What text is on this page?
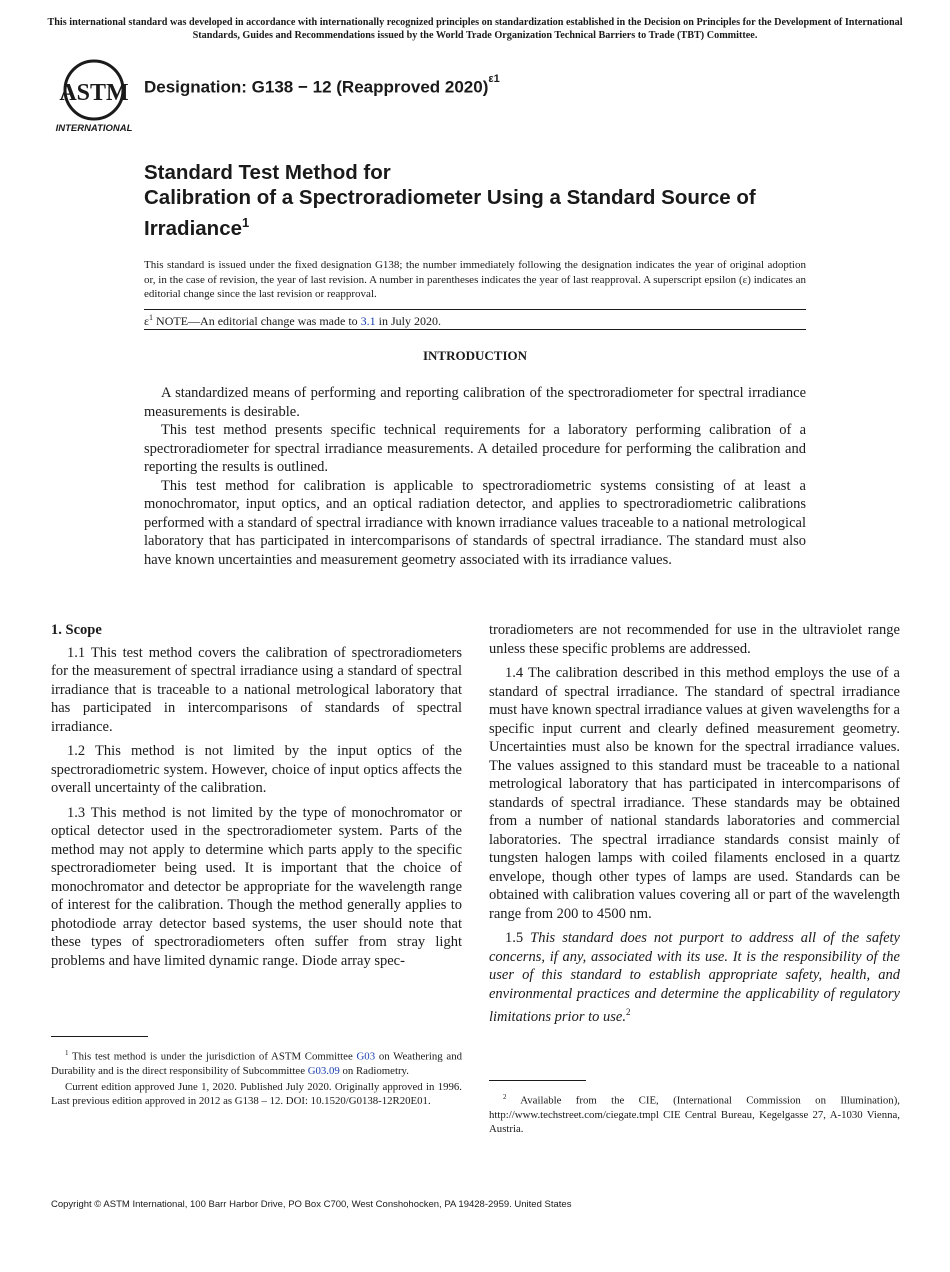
This international standard was developed in accordance with internationally recognized principles on standardization established in the Decision on Principles for the Development of International Standards, Guides and Recommendations issued by the World Trade Organization Technical Barriers to Trade (TBT) Committee.
ASTM
INTERNATIONAL
Designation: G138 − 12 (Reapproved 2020)$^{\varepsilon 1}$
Standard Test Method for
Calibration of a Spectroradiometer Using a Standard Source of Irradiance$^1$
This standard is issued under the fixed designation G138; the number immediately following the designation indicates the year of original adoption or, in the case of revision, the year of last revision. A number in parentheses indicates the year of last reapproval. A superscript epsilon (ε) indicates an editorial change since the last revision or reapproval.
$\varepsilon^1$ NOTE—An editorial change was made to 3.1 in July 2020.
INTRODUCTION

A standardized means of performing and reporting calibration of the spectroradiometer for spectral irradiance measurements is desirable.

This test method presents specific technical requirements for a laboratory performing calibration of a spectroradiometer for spectral irradiance measurements. A detailed procedure for performing the calibration and reporting the results is outlined.

This test method for calibration is applicable to spectroradiometric systems consisting of at least a monochromator, input optics, and an optical radiation detector, and applies to spectroradiometric calibrations performed with a standard of spectral irradiance with known irradiance values traceable to a national metrological laboratory that has participated in intercomparisons of standards of spectral irradiance. The standard must also have known uncertainties and measurement geometry associated with its irradiance values.

1. Scope

1.1 This test method covers the calibration of spectroradiometers for the measurement of spectral irradiance using a standard of spectral irradiance that is traceable to a national metrological laboratory that has participated in intercomparisons of standards of spectral irradiance.

1.2 This method is not limited by the input optics of the spectroradiometric system. However, choice of input optics affects the overall uncertainty of the calibration.

1.3 This method is not limited by the type of monochromator or optical detector used in the spectroradiometer system. Parts of the method may not apply to determine which parts apply to the specific spectroradiometer being used. It is important that the choice of monochromator and detector be appropriate for the wavelength range of interest for the calibration. Though the method generally applies to photodiode array detector based systems, the user should note that these types of spectroradiometers often suffer from stray light problems and have limited dynamic range. Diode array spec-

troradiometers are not recommended for use in the ultraviolet range unless these specific problems are addressed.

1.4 The calibration described in this method employs the use of a standard of spectral irradiance. The standard of spectral irradiance must have known spectral irradiance values at given wavelengths for a specific input current and clearly defined measurement geometry. Uncertainties must also be known for the spectral irradiance values. The values assigned to this standard must be traceable to a national metrological laboratory that has participated in intercomparisons of standards of spectral irradiance. These standards may be obtained from a number of national standards laboratories and commercial laboratories. The spectral irradiance standards consist mainly of tungsten halogen lamps with coiled filaments enclosed in a quartz envelope, though other types of lamps are used. Standards can be obtained with calibration values covering all or part of the wavelength range from 200 to 4500 nm.

1.5 This standard does not purport to address all of the safety concerns, if any, associated with its use. It is the responsibility of the user of this standard to establish appropriate safety, health, and environmental practices and determine the applicability of regulatory limitations prior to use.$^2$

$^1$ This test method is under the jurisdiction of ASTM Committee G03 on Weathering and Durability and is the direct responsibility of Subcommittee G03.09 on Radiometry.

Current edition approved June 1, 2020. Published July 2020. Originally approved in 1996. Last previous edition approved in 2012 as G138 – 12. DOI: 10.1520/G0138-12R20E01.	$^2$ Available from the CIE, (International Commission on Illumination), http://www.techstreet.com/ciegate.tmpl CIE Central Bureau, Kegelgasse 27, A-1030 Vienna, Austria.

Copyright © ASTM International, 100 Barr Harbor Drive, PO Box C700, West Conshohocken, PA 19428-2959. United States
